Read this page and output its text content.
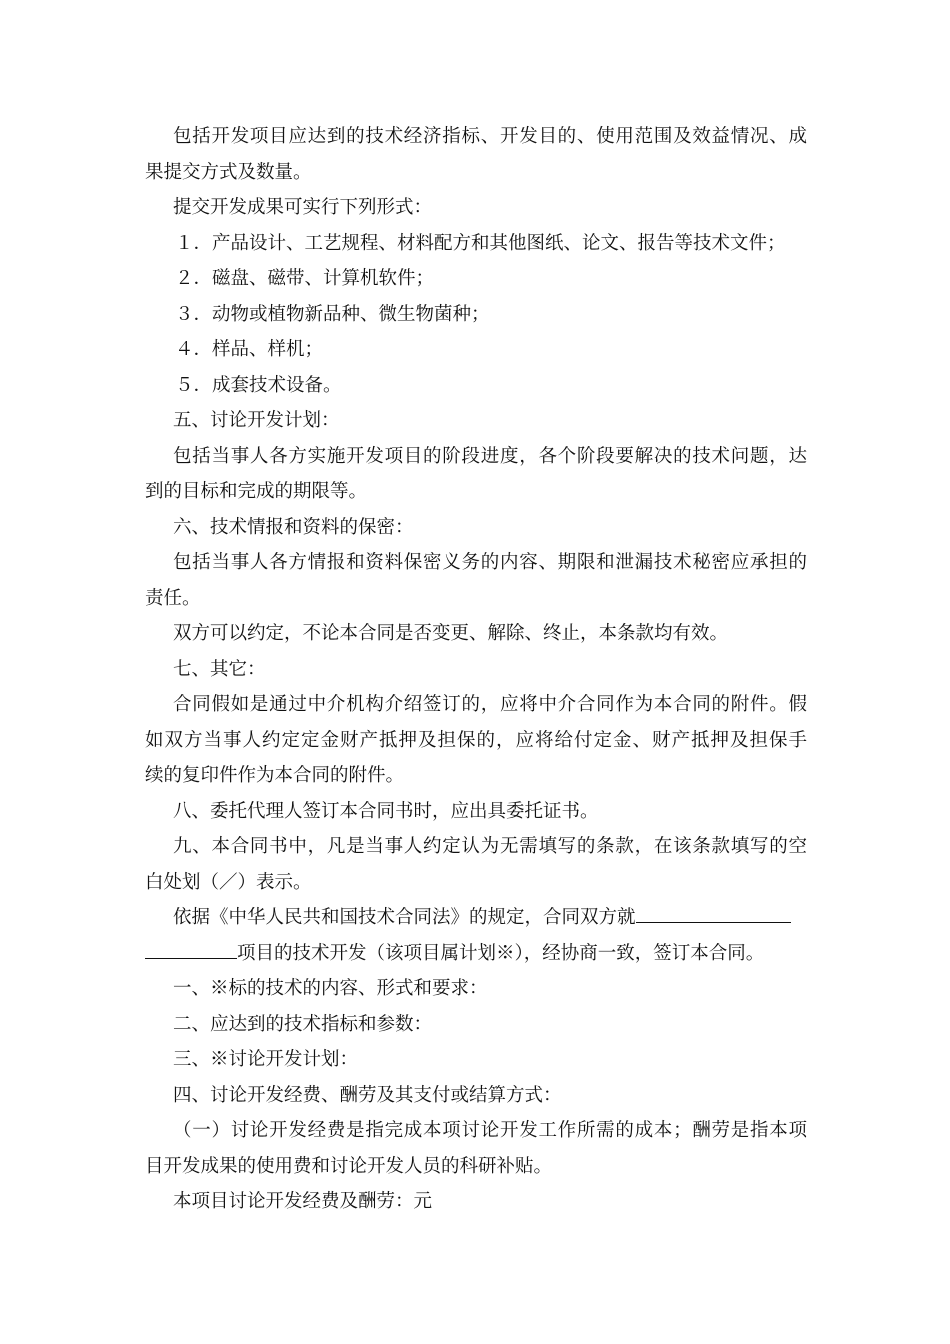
包括开发项目应达到的技术经济指标、开发目的、使用范围及效益情况、成
果提交方式及数量。
提交开发成果可实行下列形式：
１．产品设计、工艺规程、材料配方和其他图纸、论文、报告等技术文件；
２．磁盘、磁带、计算机软件；
３．动物或植物新品种、微生物菌种；
４．样品、样机；
５．成套技术设备。
五、讨论开发计划：
包括当事人各方实施开发项目的阶段进度，各个阶段要解决的技术问题，达
到的目标和完成的期限等。
六、技术情报和资料的保密：
包括当事人各方情报和资料保密义务的内容、期限和泄漏技术秘密应承担的
责任。
双方可以约定，不论本合同是否变更、解除、终止，本条款均有效。
七、其它：
合同假如是通过中介机构介绍签订的，应将中介合同作为本合同的附件。假
如双方当事人约定定金财产抵押及担保的，应将给付定金、财产抵押及担保手
续的复印件作为本合同的附件。
八、委托代理人签订本合同书时，应出具委托证书。
九、本合同书中，凡是当事人约定认为无需填写的条款，在该条款填写的空
白处划（／）表示。
依据《中华人民共和国技术合同法》的规定，合同双方就
项目的技术开发（该项目属计划※），经协商一致，签订本合同。
一、※标的技术的内容、形式和要求：
二、应达到的技术指标和参数：
三、※讨论开发计划：
四、讨论开发经费、酬劳及其支付或结算方式：
（一）讨论开发经费是指完成本项讨论开发工作所需的成本；酬劳是指本项
目开发成果的使用费和讨论开发人员的科研补贴。
本项目讨论开发经费及酬劳：元
